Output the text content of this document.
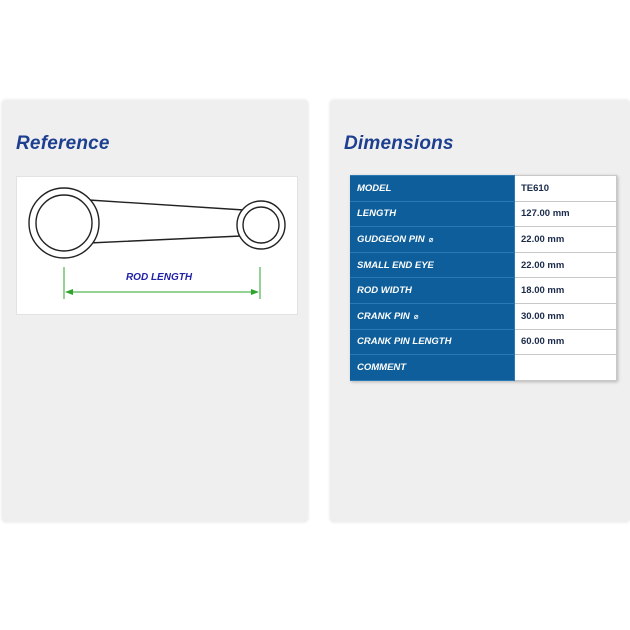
Reference
ROD LENGTH
Dimensions
MODEL	TE610
LENGTH	127.00 mm
GUDGEON PIN ⌀	22.00 mm
SMALL END EYE	22.00 mm
ROD WIDTH	18.00 mm
CRANK PIN ⌀	30.00 mm
CRANK PIN LENGTH	60.00 mm
COMMENT	
